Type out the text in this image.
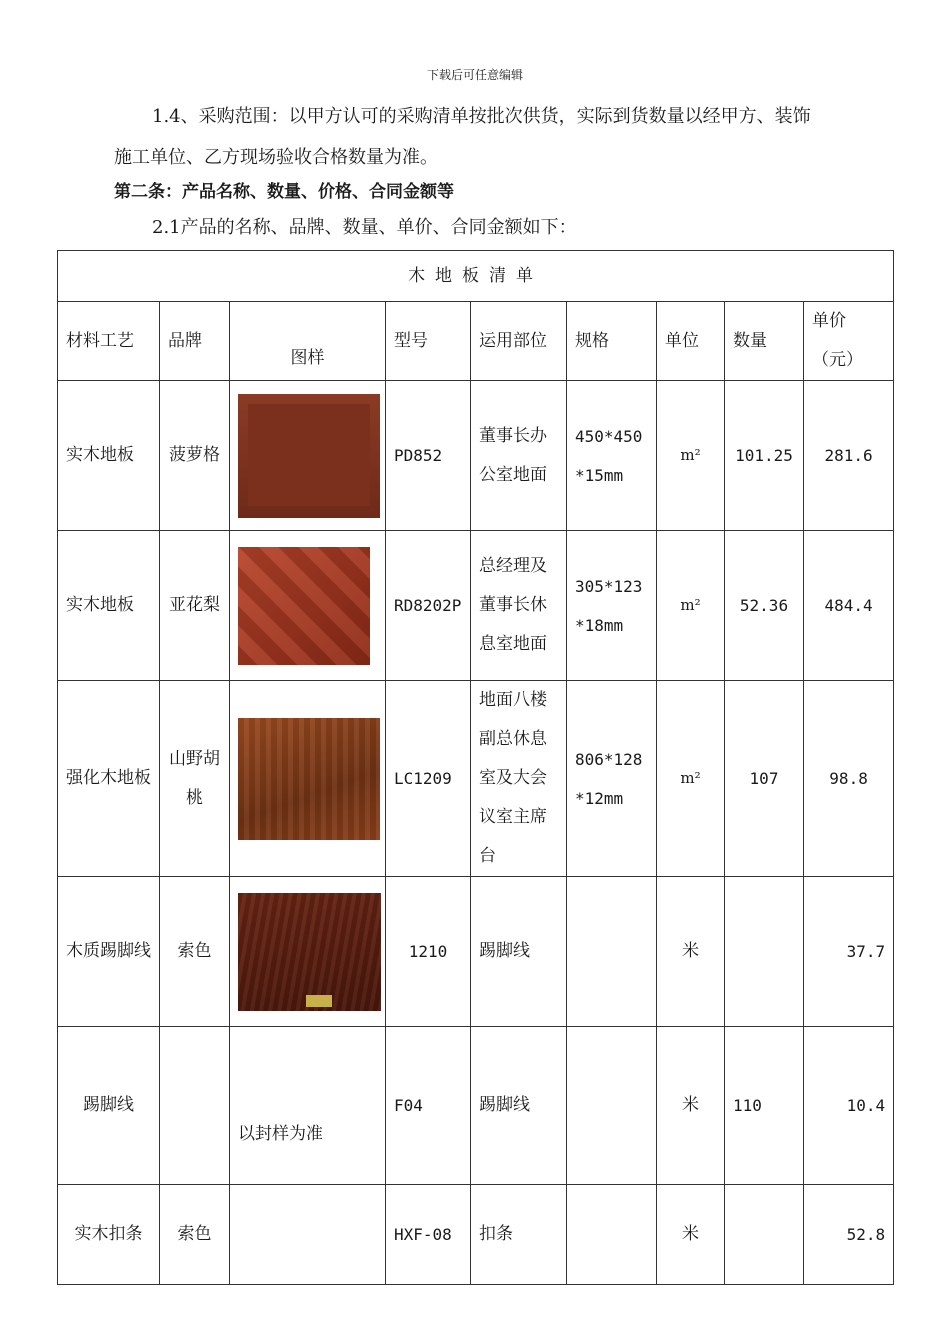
下载后可任意编辑
1.4、采购范围：以甲方认可的采购清单按批次供货，实际到货数量以经甲方、装饰
施工单位、乙方现场验收合格数量为准。
第二条：产品名称、数量、价格、合同金额等
2.1产品的名称、品牌、数量、单价、合同金额如下：
木地板清单								
材料工艺	品牌	图样	型号	运用部位	规格	单位	数量	单价（元）
实木地板	菠萝格		PD852	董事长办公室地面	450*450*15mm	m²	101.25	281.6
实木地板	亚花梨		RD8202P	总经理及董事长休息室地面	305*123*18mm	m²	52.36	484.4
强化木地板	山野胡桃		LC1209	地面八楼副总休息室及大会议室主席台	806*128*12mm	m²	107	98.8
木质踢脚线	索色		1210	踢脚线		米		37.7
踢脚线		以封样为准	F04	踢脚线		米	110	10.4
实木扣条	索色		HXF-08	扣条		米		52.8
